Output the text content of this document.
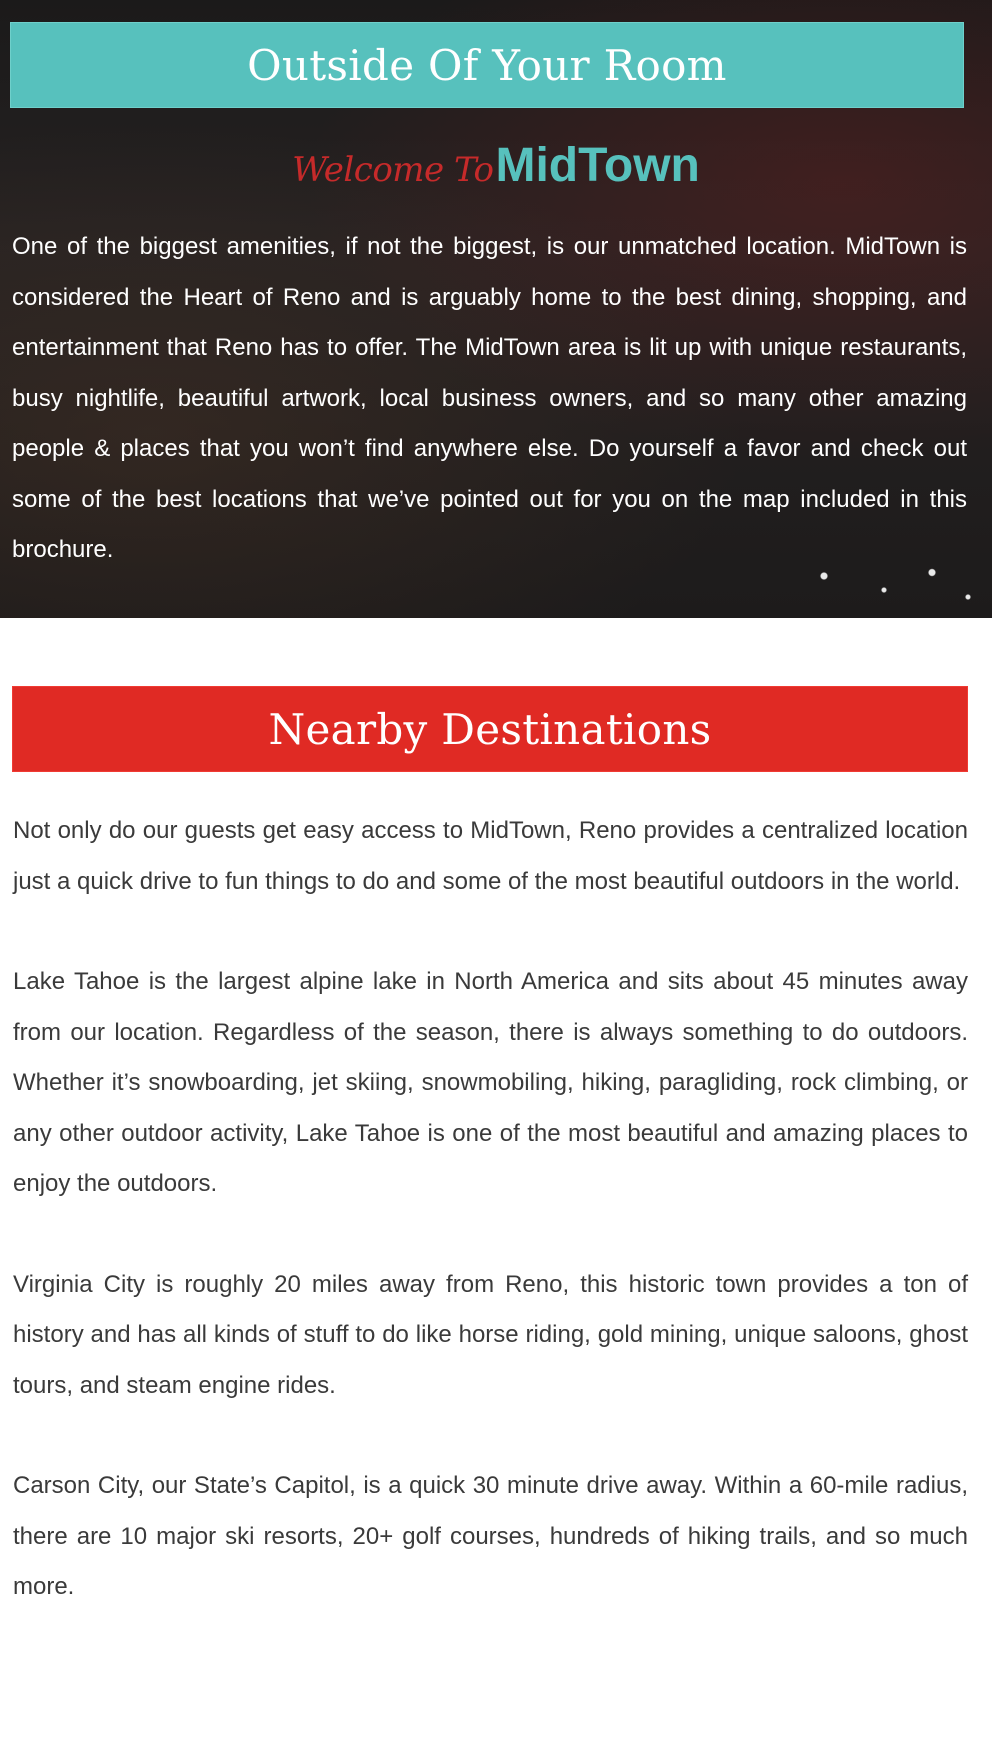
Outside Of Your Room
Welcome ToMidTown

One of the biggest amenities, if not the biggest, is our unmatched location. MidTown is considered the Heart of Reno and is arguably home to the best dining, shopping, and entertainment that Reno has to offer. The MidTown area is lit up with unique restaurants, busy nightlife, beautiful artwork, local business owners, and so many other amazing people & places that you won’t find anywhere else. Do yourself a favor and check out some of the best locations that we’ve pointed out for you on the map included in this brochure.

Nearby Destinations

Not only do our guests get easy access to MidTown, Reno provides a centralized location just a quick drive to fun things to do and some of the most beautiful outdoors in the world.

Lake Tahoe is the largest alpine lake in North America and sits about 45 minutes away from our location. Regardless of the season, there is always something to do outdoors. Whether it’s snowboarding, jet skiing, snowmobiling, hiking, paragliding, rock climbing, or any other outdoor activity, Lake Tahoe is one of the most beautiful and amazing places to enjoy the outdoors.

Virginia City is roughly 20 miles away from Reno, this historic town provides a ton of history and has all kinds of stuff to do like horse riding, gold mining, unique saloons, ghost tours, and steam engine rides.

Carson City, our State’s Capitol, is a quick 30 minute drive away. Within a 60-mile radius, there are 10 major ski resorts, 20+ golf courses, hundreds of hiking trails, and so much more.
